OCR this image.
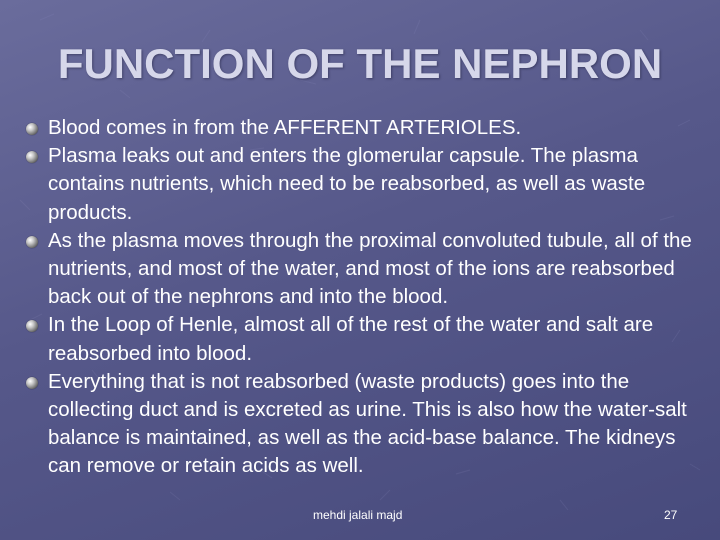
FUNCTION OF THE NEPHRON
Blood comes in from the AFFERENT ARTERIOLES.
Plasma leaks out and enters the glomerular capsule. The plasma contains nutrients, which need to be reabsorbed, as well as waste products.
As the plasma moves through the proximal convoluted tubule, all of the nutrients, and most of the water, and most of the ions are reabsorbed back out of the nephrons and into the blood.
In the Loop of Henle, almost all of the rest of the water and salt are reabsorbed into blood.
Everything that is not reabsorbed (waste products) goes into the collecting duct and is excreted as urine. This is also how the water-salt balance is maintained, as well as the acid-base balance. The kidneys can remove or retain acids as well.
mehdi jalali majd	27
